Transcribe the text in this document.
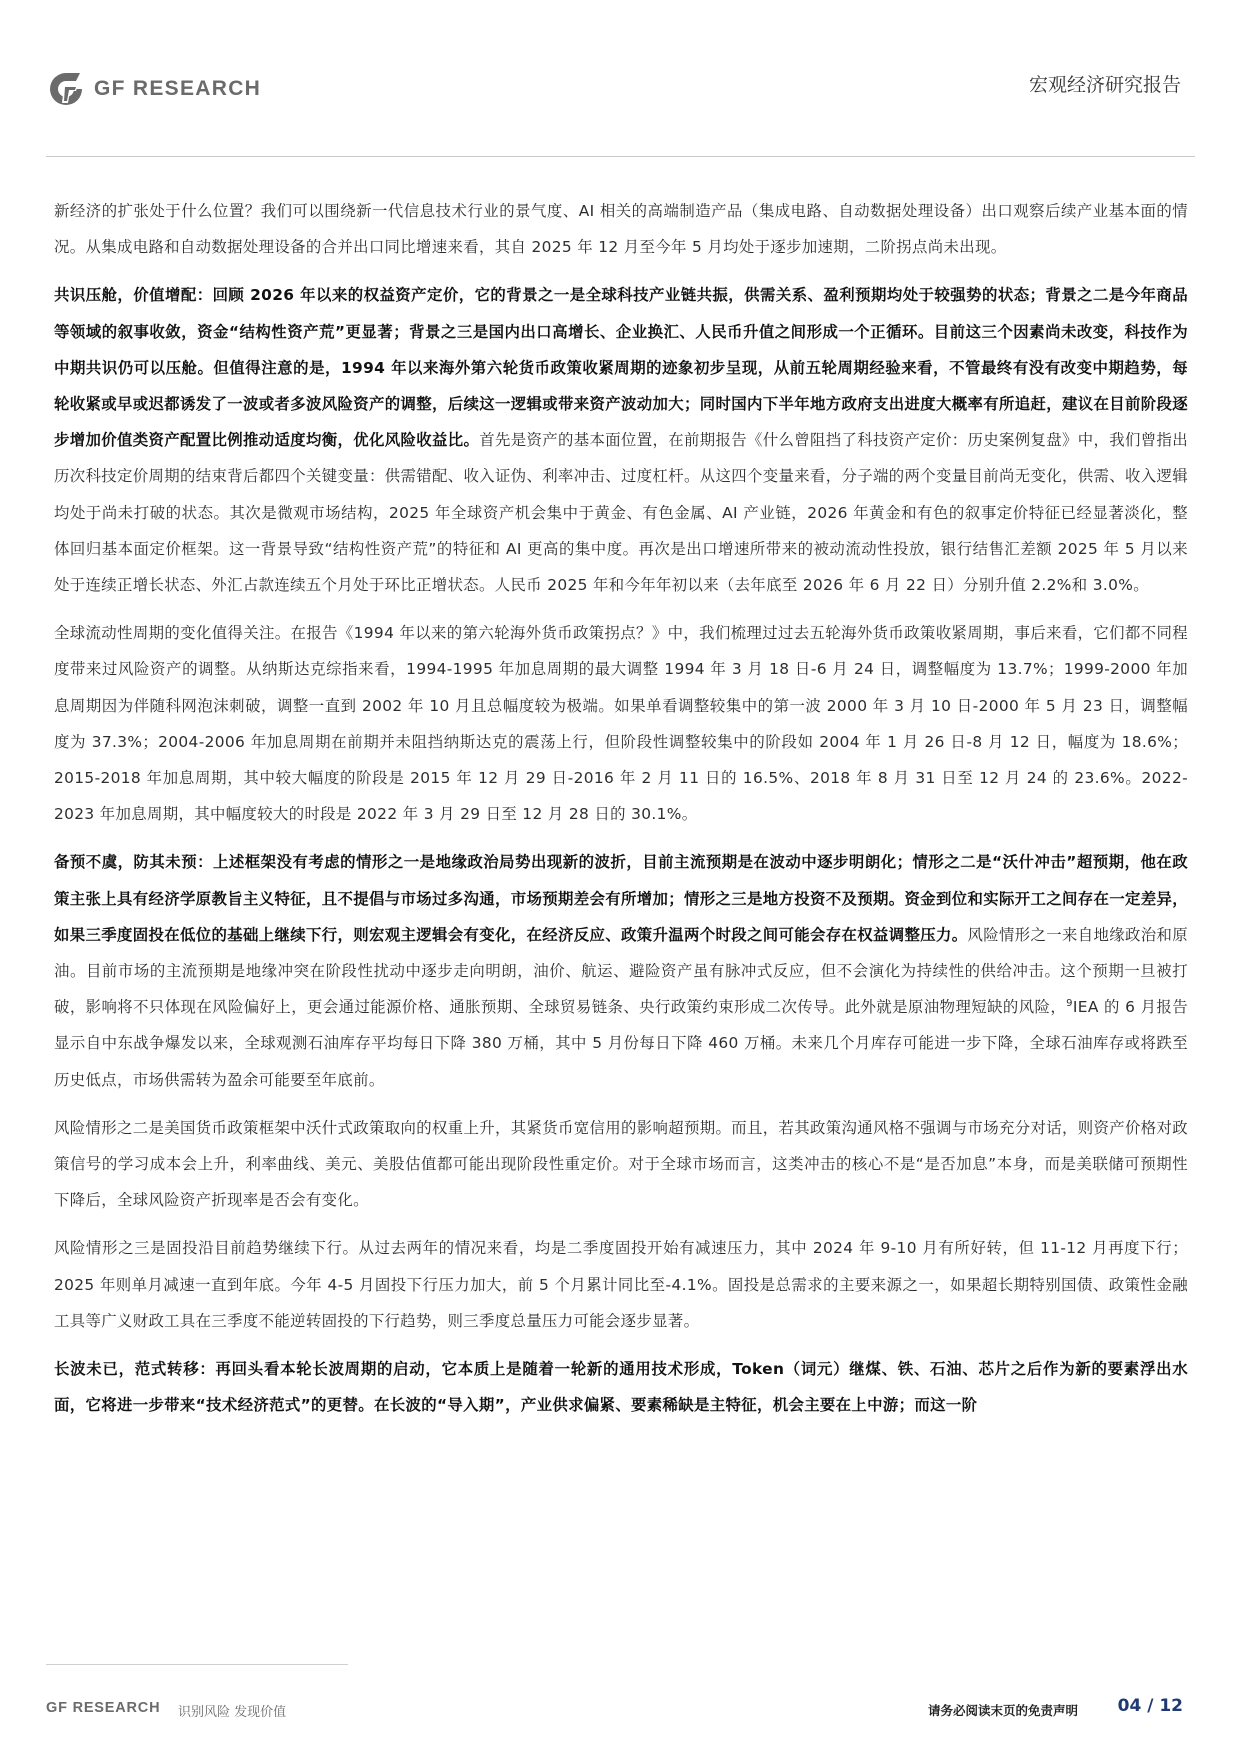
GF RESEARCH	宏观经济研究报告

新经济的扩张处于什么位置？我们可以围绕新一代信息技术行业的景气度、AI 相关的高端制造产品（集成电路、自动数据处理设备）出口观察后续产业基本面的情况。从集成电路和自动数据处理设备的合并出口同比增速来看，其自 2025 年 12 月至今年 5 月均处于逐步加速期，二阶拐点尚未出现。

共识压舱，价值增配：回顾 2026 年以来的权益资产定价，它的背景之一是全球科技产业链共振，供需关系、盈利预期均处于较强势的状态；背景之二是今年商品等领域的叙事收敛，资金“结构性资产荒”更显著；背景之三是国内出口高增长、企业换汇、人民币升值之间形成一个正循环。目前这三个因素尚未改变，科技作为中期共识仍可以压舱。但值得注意的是，1994 年以来海外第六轮货币政策收紧周期的迹象初步呈现，从前五轮周期经验来看，不管最终有没有改变中期趋势，每轮收紧或早或迟都诱发了一波或者多波风险资产的调整，后续这一逻辑或带来资产波动加大；同时国内下半年地方政府支出进度大概率有所追赶，建议在目前阶段逐步增加价值类资产配置比例推动适度均衡，优化风险收益比。首先是资产的基本面位置，在前期报告《什么曾阻挡了科技资产定价：历史案例复盘》中，我们曾指出历次科技定价周期的结束背后都四个关键变量：供需错配、收入证伪、利率冲击、过度杠杆。从这四个变量来看，分子端的两个变量目前尚无变化，供需、收入逻辑均处于尚未打破的状态。其次是微观市场结构，2025 年全球资产机会集中于黄金、有色金属、AI 产业链，2026 年黄金和有色的叙事定价特征已经显著淡化，整体回归基本面定价框架。这一背景导致“结构性资产荒”的特征和 AI 更高的集中度。再次是出口增速所带来的被动流动性投放，银行结售汇差额 2025 年 5 月以来处于连续正增长状态、外汇占款连续五个月处于环比正增状态。人民币 2025 年和今年年初以来（去年底至 2026 年 6 月 22 日）分别升值 2.2%和 3.0%。

全球流动性周期的变化值得关注。在报告《1994 年以来的第六轮海外货币政策拐点？》中，我们梳理过过去五轮海外货币政策收紧周期，事后来看，它们都不同程度带来过风险资产的调整。从纳斯达克综指来看，1994-1995 年加息周期的最大调整 1994 年 3 月 18 日-6 月 24 日，调整幅度为 13.7%；1999-2000 年加息周期因为伴随科网泡沫刺破，调整一直到 2002 年 10 月且总幅度较为极端。如果单看调整较集中的第一波 2000 年 3 月 10 日-2000 年 5 月 23 日，调整幅度为 37.3%；2004-2006 年加息周期在前期并未阻挡纳斯达克的震荡上行，但阶段性调整较集中的阶段如 2004 年 1 月 26 日-8 月 12 日，幅度为 18.6%；2015-2018 年加息周期，其中较大幅度的阶段是 2015 年 12 月 29 日-2016 年 2 月 11 日的 16.5%、2018 年 8 月 31 日至 12 月 24 的 23.6%。2022-2023 年加息周期，其中幅度较大的时段是 2022 年 3 月 29 日至 12 月 28 日的 30.1%。

备预不虞，防其未预：上述框架没有考虑的情形之一是地缘政治局势出现新的波折，目前主流预期是在波动中逐步明朗化；情形之二是“沃什冲击”超预期，他在政策主张上具有经济学原教旨主义特征，且不提倡与市场过多沟通，市场预期差会有所增加；情形之三是地方投资不及预期。资金到位和实际开工之间存在一定差异，如果三季度固投在低位的基础上继续下行，则宏观主逻辑会有变化，在经济反应、政策升温两个时段之间可能会存在权益调整压力。风险情形之一来自地缘政治和原油。目前市场的主流预期是地缘冲突在阶段性扰动中逐步走向明朗，油价、航运、避险资产虽有脉冲式反应，但不会演化为持续性的供给冲击。这个预期一旦被打破，影响将不只体现在风险偏好上，更会通过能源价格、通胀预期、全球贸易链条、央行政策约束形成二次传导。此外就是原油物理短缺的风险，$^9$IEA 的 6 月报告显示自中东战争爆发以来，全球观测石油库存平均每日下降 380 万桶，其中 5 月份每日下降 460 万桶。未来几个月库存可能进一步下降，全球石油库存或将跌至历史低点，市场供需转为盈余可能要至年底前。

风险情形之二是美国货币政策框架中沃什式政策取向的权重上升，其紧货币宽信用的影响超预期。而且，若其政策沟通风格不强调与市场充分对话，则资产价格对政策信号的学习成本会上升，利率曲线、美元、美股估值都可能出现阶段性重定价。对于全球市场而言，这类冲击的核心不是“是否加息”本身，而是美联储可预期性下降后，全球风险资产折现率是否会有变化。

风险情形之三是固投沿目前趋势继续下行。从过去两年的情况来看，均是二季度固投开始有减速压力，其中 2024 年 9-10 月有所好转，但 11-12 月再度下行；2025 年则单月减速一直到年底。今年 4-5 月固投下行压力加大，前 5 个月累计同比至-4.1%。固投是总需求的主要来源之一，如果超长期特别国债、政策性金融工具等广义财政工具在三季度不能逆转固投的下行趋势，则三季度总量压力可能会逐步显著。

长波未已，范式转移：再回头看本轮长波周期的启动，它本质上是随着一轮新的通用技术形成，Token（词元）继煤、铁、石油、芯片之后作为新的要素浮出水面，它将进一步带来“技术经济范式”的更替。在长波的“导入期”，产业供求偏紧、要素稀缺是主特征，机会主要在上中游；而这一阶

GF RESEARCH 识别风险 发现价值	请务必阅读末页的免责声明 04 / 12
